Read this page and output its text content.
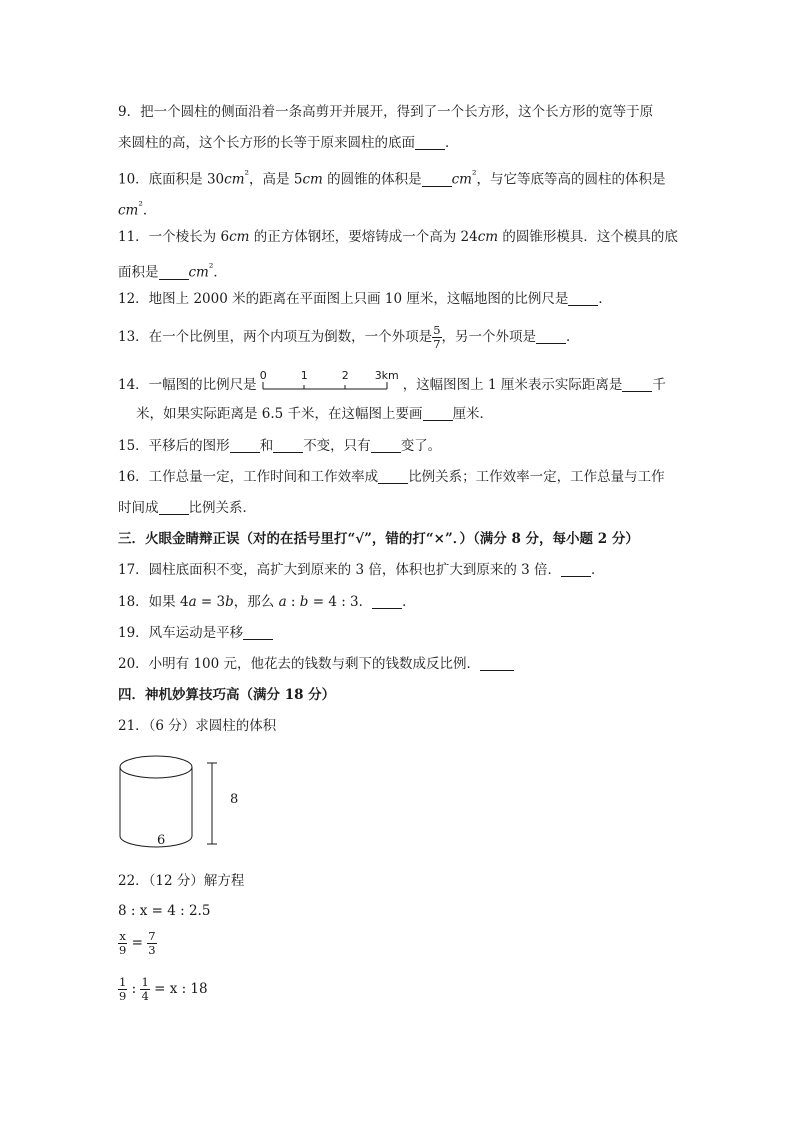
9．把一个圆柱的侧面沿着一条高剪开并展开，得到了一个长方形，这个长方形的宽等于原
来圆柱的高，这个长方形的长等于原来圆柱的底面 ．
10．底面积是 $30cm^{^2}$，高是 5cm 的圆锥的体积是 $cm^{^2}$，与它等底等高的圆柱的体积是
$cm^{^2}$．
11．一个棱长为 6cm 的正方体钢坯，要熔铸成一个高为 24cm 的圆锥形模具．这个模具的底
面积是 $cm^{^2}$．
12．地图上 2000 米的距离在平面图上只画 10 厘米，这幅地图的比例尺是 ．
13．在一个比例里，两个内项互为倒数，一个外项是 $\frac{5}{7}$ ，另一个外项是 ．
14．一幅图的比例尺是
0	1	2 3km
，这幅图图上 1 厘米表示实际距离是 千
米，如果实际距离是 6.5 千米，在这幅图上要画 厘米．
15．平移后的图形 和 不变，只有 变了。
16．工作总量一定，工作时间和工作效率成 比例关系；工作效率一定，工作总量与工作
时间成 比例关系．
三．火眼金睛辩正误（对的在括号里打“√”，错的打“×”．）（满分 8 分，每小题 2 分）
17．圆柱底面积不变，高扩大到原来的 3 倍，体积也扩大到原来的 3 倍． ．
18．如果 4a = 3b，那么 a : b = 4 : 3． ．
19．风车运动是平移
20．小明有 100 元，他花去的钱数与剩下的钱数成反比例．
四．神机妙算技巧高（满分 18 分）
21．（6 分）求圆柱的体积
8
6
22．（12 分）解方程
8 : x = 4 : 2.5
$\frac{x}{9} = \frac{7}{3}$
$\frac{1}{9}$ : $\frac{1}{4} = x$ : 18
